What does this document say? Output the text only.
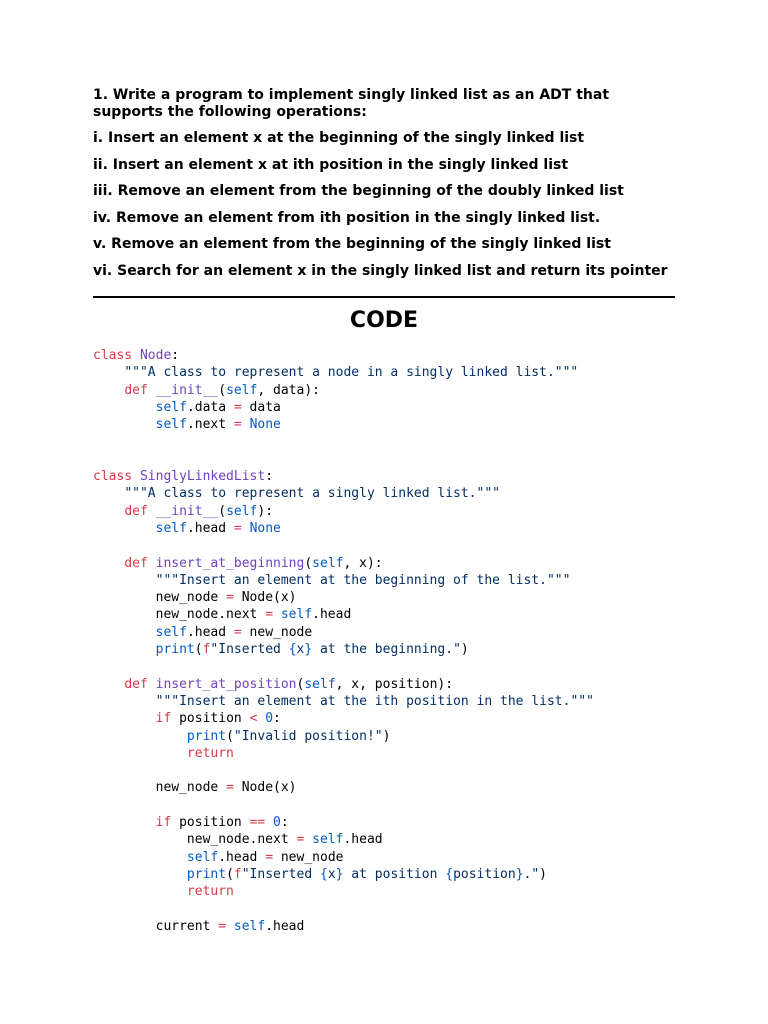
1. Write a program to implement singly linked list as an ADT that supports the following operations:
i. Insert an element x at the beginning of the singly linked list
ii. Insert an element x at ith position in the singly linked list
iii. Remove an element from the beginning of the doubly linked list
iv. Remove an element from ith position in the singly linked list.
v. Remove an element from the beginning of the singly linked list
vi. Search for an element x in the singly linked list and return its pointer
CODE
class Node:
"""A class to represent a node in a singly linked list."""
def __init__(self, data):
self.data = data
self.next = None
class SinglyLinkedList:
"""A class to represent a singly linked list."""
def __init__(self):
self.head = None
def insert_at_beginning(self, x):
"""Insert an element at the beginning of the list."""
new_node = Node(x)
new_node.next = self.head
self.head = new_node
print(f"Inserted {x} at the beginning.")
def insert_at_position(self, x, position):
"""Insert an element at the ith position in the list."""
if position < 0:
print("Invalid position!")
return
new_node = Node(x)
if position == 0:
new_node.next = self.head
self.head = new_node
print(f"Inserted {x} at position {position}.")
return
current = self.head
